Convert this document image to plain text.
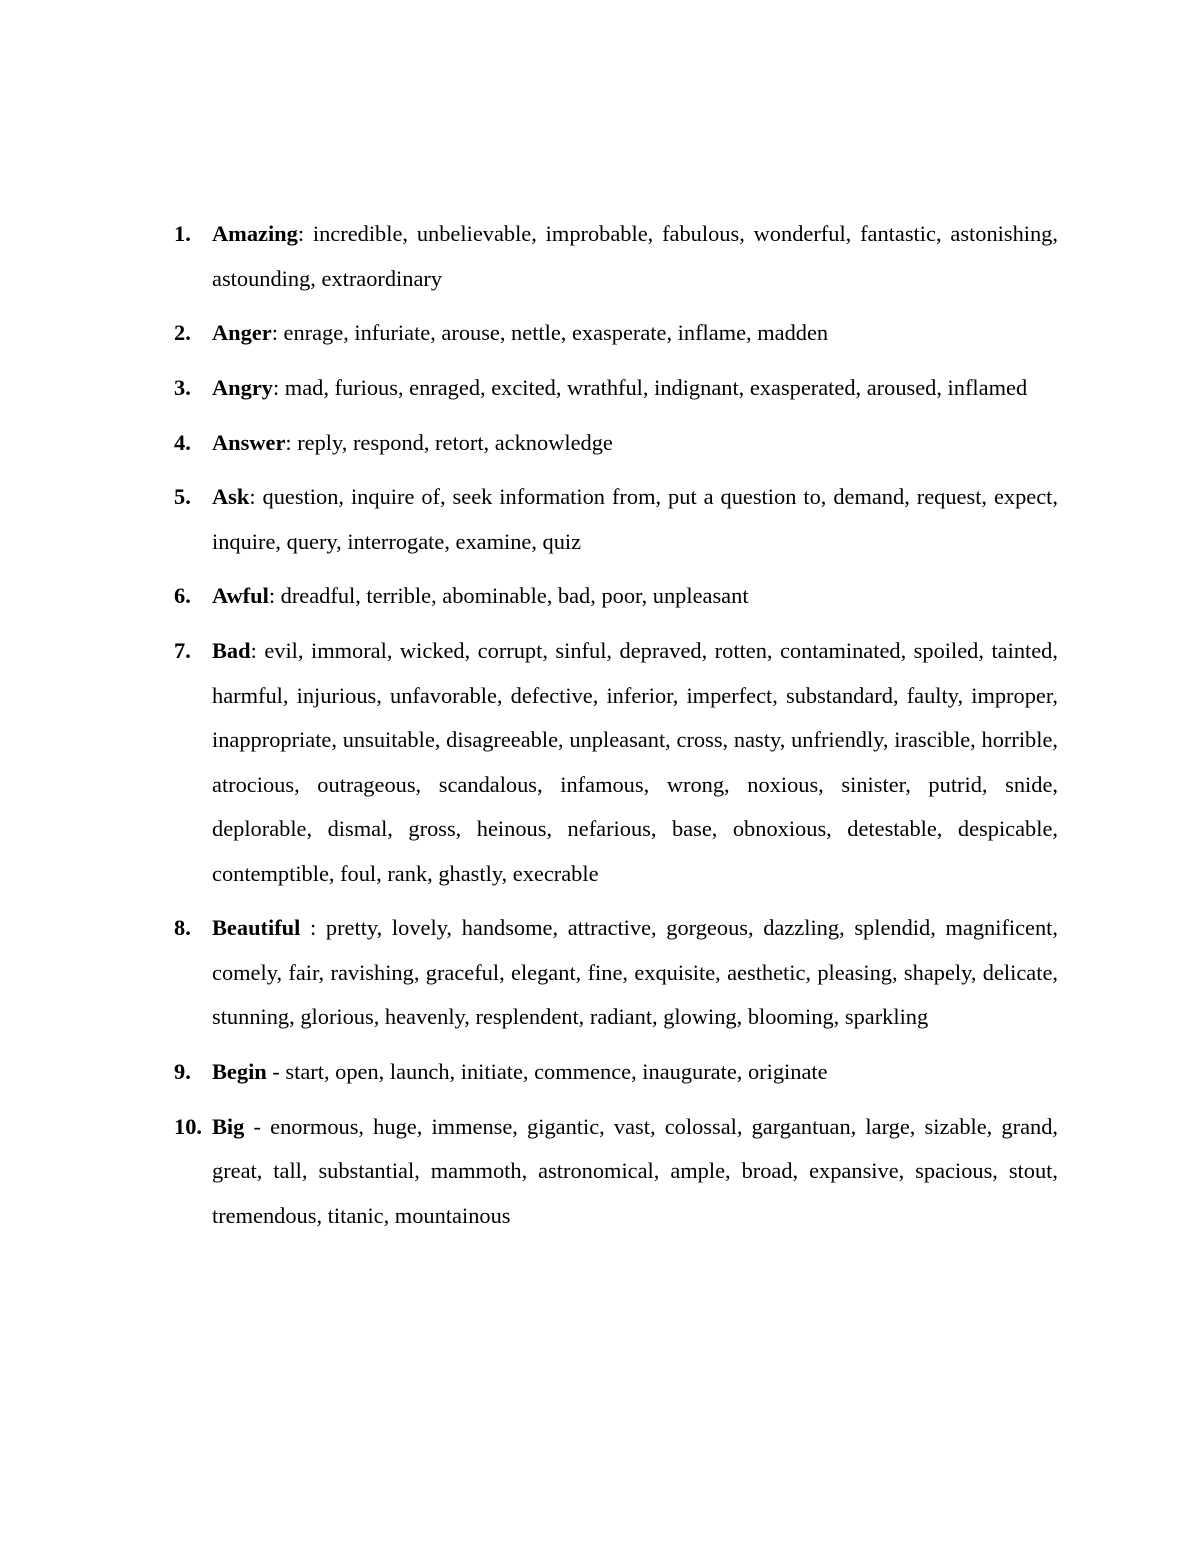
1. Amazing: incredible, unbelievable, improbable, fabulous, wonderful, fantastic, astonishing, astounding, extraordinary
2. Anger: enrage, infuriate, arouse, nettle, exasperate, inflame, madden
3. Angry: mad, furious, enraged, excited, wrathful, indignant, exasperated, aroused, inflamed
4. Answer: reply, respond, retort, acknowledge
5. Ask: question, inquire of, seek information from, put a question to, demand, request, expect, inquire, query, interrogate, examine, quiz
6. Awful: dreadful, terrible, abominable, bad, poor, unpleasant
7. Bad: evil, immoral, wicked, corrupt, sinful, depraved, rotten, contaminated, spoiled, tainted, harmful, injurious, unfavorable, defective, inferior, imperfect, substandard, faulty, improper, inappropriate, unsuitable, disagreeable, unpleasant, cross, nasty, unfriendly, irascible, horrible, atrocious, outrageous, scandalous, infamous, wrong, noxious, sinister, putrid, snide, deplorable, dismal, gross, heinous, nefarious, base, obnoxious, detestable, despicable, contemptible, foul, rank, ghastly, execrable
8. Beautiful : pretty, lovely, handsome, attractive, gorgeous, dazzling, splendid, magnificent, comely, fair, ravishing, graceful, elegant, fine, exquisite, aesthetic, pleasing, shapely, delicate, stunning, glorious, heavenly, resplendent, radiant, glowing, blooming, sparkling
9. Begin - start, open, launch, initiate, commence, inaugurate, originate
10. Big - enormous, huge, immense, gigantic, vast, colossal, gargantuan, large, sizable, grand, great, tall, substantial, mammoth, astronomical, ample, broad, expansive, spacious, stout, tremendous, titanic, mountainous
